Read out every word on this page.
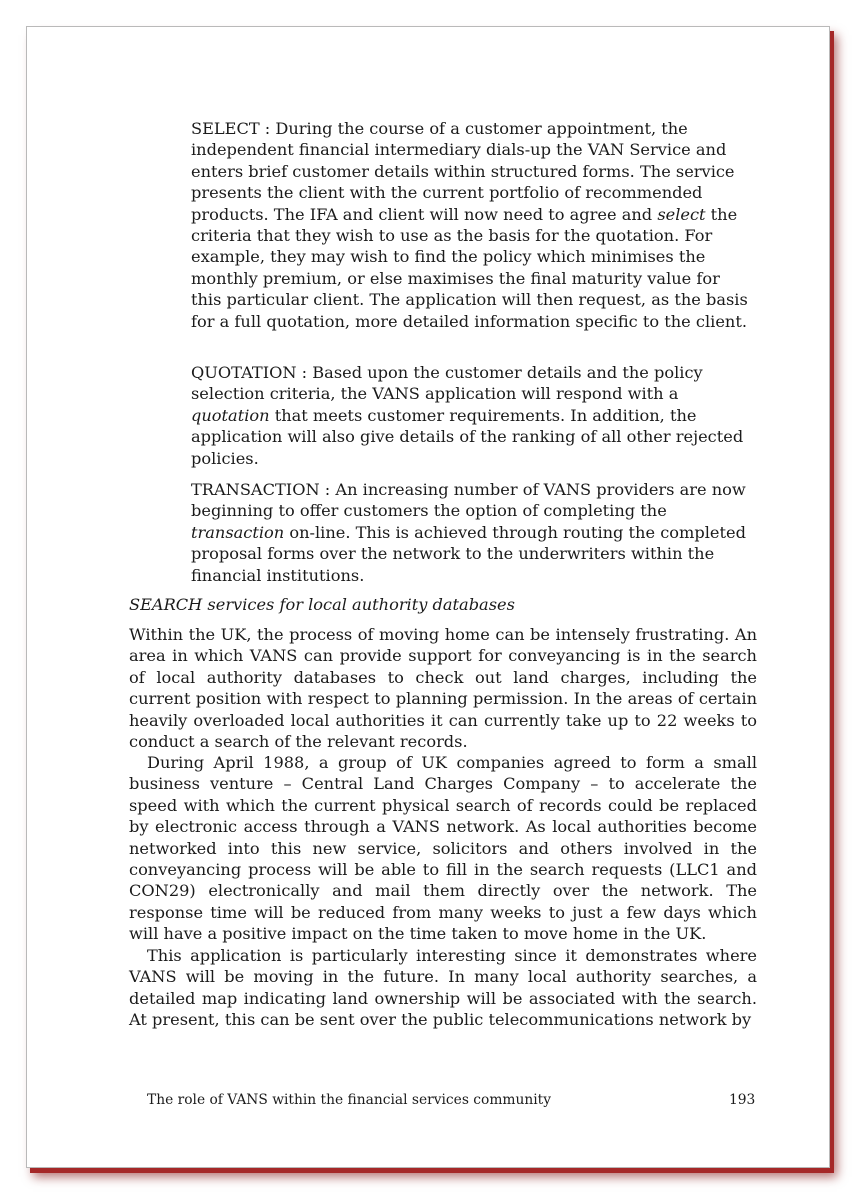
SELECT : During the course of a customer appointment, the independent financial intermediary dials-up the VAN Service and enters brief customer details within structured forms. The service presents the client with the current portfolio of recommended products. The IFA and client will now need to agree and select the criteria that they wish to use as the basis for the quotation. For example, they may wish to find the policy which minimises the monthly premium, or else maximises the final maturity value for this particular client. The application will then request, as the basis for a full quotation, more detailed information specific to the client.

QUOTATION : Based upon the customer details and the policy selection criteria, the VANS application will respond with a quotation that meets customer requirements. In addition, the application will also give details of the ranking of all other rejected policies.

TRANSACTION : An increasing number of VANS providers are now beginning to offer customers the option of completing the transaction on-line. This is achieved through routing the completed proposal forms over the network to the underwriters within the financial institutions.

SEARCH services for local authority databases

Within the UK, the process of moving home can be intensely frustrating. An area in which VANS can provide support for conveyancing is in the search of local authority databases to check out land charges, including the current position with respect to planning permission. In the areas of certain heavily overloaded local authorities it can currently take up to 22 weeks to conduct a search of the relevant records.

During April 1988, a group of UK companies agreed to form a small business venture – Central Land Charges Company – to accelerate the speed with which the current physical search of records could be replaced by electronic access through a VANS network. As local authorities become networked into this new service, solicitors and others involved in the conveyancing process will be able to fill in the search requests (LLC1 and CON29) electronically and mail them directly over the network. The response time will be reduced from many weeks to just a few days which will have a positive impact on the time taken to move home in the UK.

This application is particularly interesting since it demonstrates where VANS will be moving in the future. In many local authority searches, a detailed map indicating land ownership will be associated with the search. At present, this can be sent over the public telecommunications network by

The role of VANS within the financial services community	193
